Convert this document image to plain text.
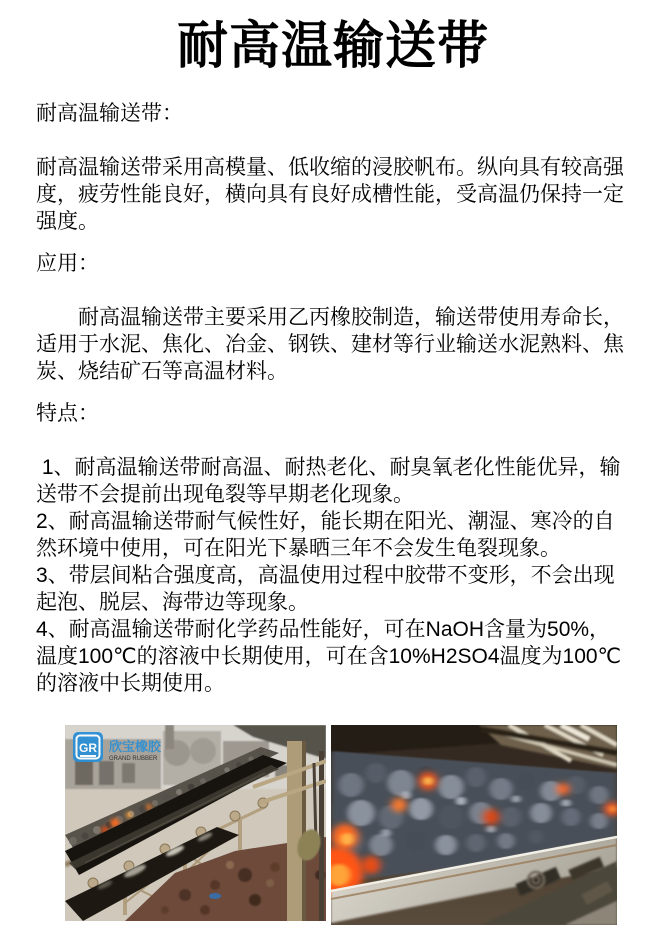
耐高温输送带

耐高温输送带：

耐高温输送带采用高模量、低收缩的浸胶帆布。纵向具有较高强度，疲劳性能良好，横向具有良好成槽性能，受高温仍保持一定强度。

应用：

　　耐高温输送带主要采用乙丙橡胶制造，输送带使用寿命长，适用于水泥、焦化、冶金、钢铁、建材等行业输送水泥熟料、焦炭、烧结矿石等高温材料。

特点：

1、耐高温输送带耐高温、耐热老化、耐臭氧老化性能优异，输送带不会提前出现龟裂等早期老化现象。

2、耐高温输送带耐气候性好，能长期在阳光、潮湿、寒冷的自然环境中使用，可在阳光下暴晒三年不会发生龟裂现象。

3、带层间粘合强度高，高温使用过程中胶带不变形，不会出现起泡、脱层、海带边等现象。

4、耐高温输送带耐化学药品性能好，可在NaOH含量为50%，温度100℃的溶液中长期使用，可在含10%H2SO4温度为100℃的溶液中长期使用。

GR 欣宝橡胶
GRAND RUBBER
